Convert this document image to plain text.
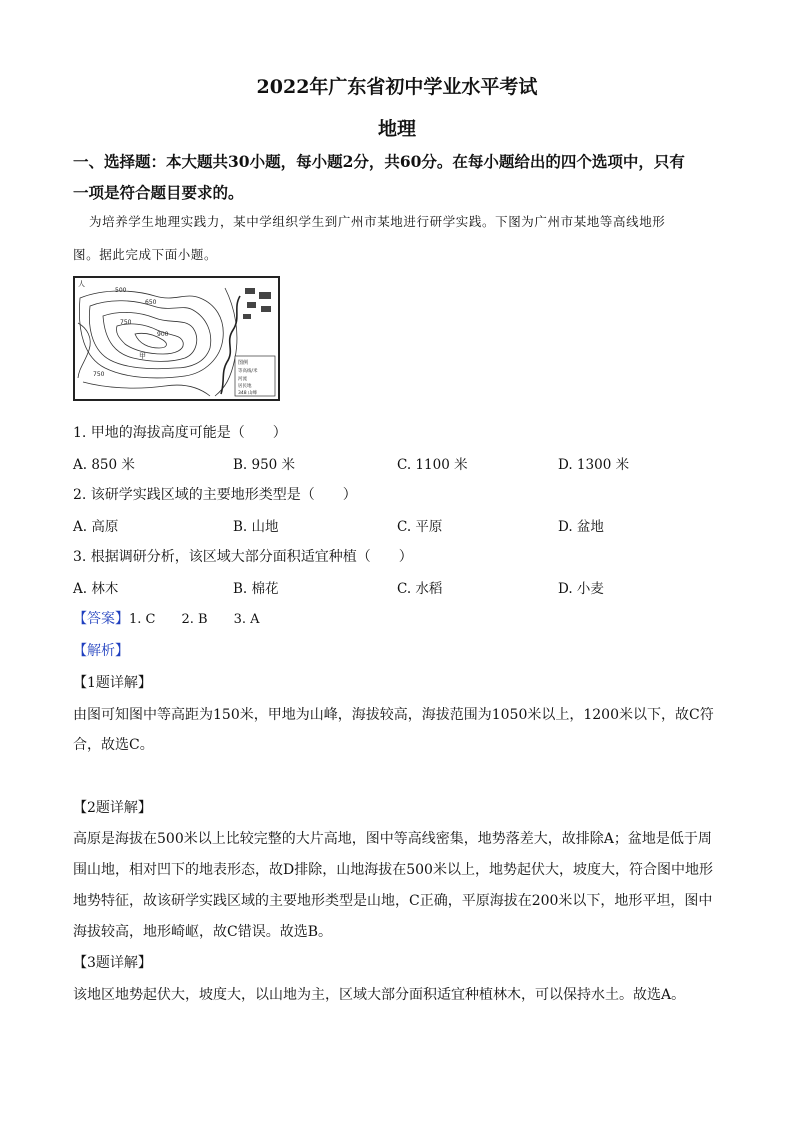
2022年广东省初中学业水平考试
地理
一、选择题：本大题共30小题，每小题2分，共60分。在每小题给出的四个选项中，只有
一项是符合题目要求的。
为培养学生地理实践力，某中学组织学生到广州市某地进行研学实践。下图为广州市某地等高线地形
图。据此完成下面小题。
人
500
650
750
900
750
甲
图例
等高线/米
河流
居民地
348 山峰
1. 甲地的海拔高度可能是（　　）
A. 850 米	B. 950 米	C. 1100 米	D. 1300 米
2. 该研学实践区域的主要地形类型是（　　）
A. 高原	B. 山地	C. 平原	D. 盆地
3. 根据调研分析，该区域大部分面积适宜种植（　　）
A. 林木	B. 棉花	C. 水稻	D. 小麦
【答案】1. C　　2. B　　3. A
【解析】
【1题详解】
由图可知图中等高距为150米，甲地为山峰，海拔较高，海拔范围为1050米以上，1200米以下，故C符
合，故选C。
【2题详解】
高原是海拔在500米以上比较完整的大片高地，图中等高线密集，地势落差大，故排除A；盆地是低于周
围山地，相对凹下的地表形态，故D排除，山地海拔在500米以上，地势起伏大，坡度大，符合图中地形
地势特征，故该研学实践区域的主要地形类型是山地，C正确，平原海拔在200米以下，地形平坦，图中
海拔较高，地形崎岖，故C错误。故选B。
【3题详解】
该地区地势起伏大，坡度大，以山地为主，区域大部分面积适宜种植林木，可以保持水土。故选A。
